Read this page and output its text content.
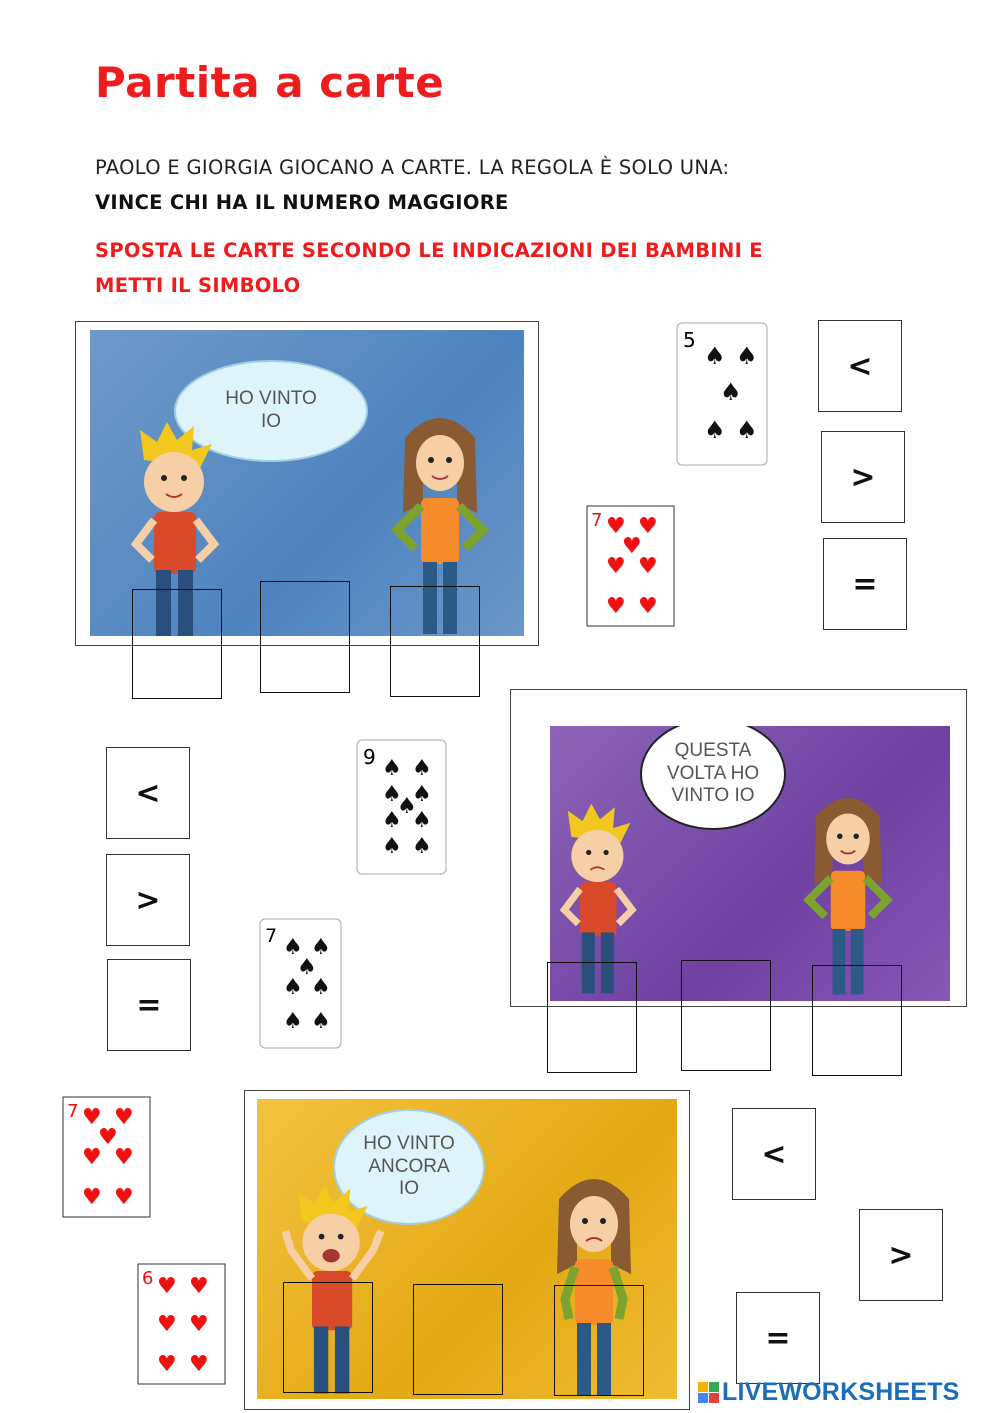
Partita a carte
PAOLO E GIORGIA GIOCANO A CARTE. LA REGOLA È SOLO UNA:
VINCE CHI HA IL NUMERO MAGGIORE
SPOSTA LE CARTE SECONDO LE INDICAZIONI DEI BAMBINI E
METTI IL SIMBOLO
HO VINTO
IO
5
♠ ♠
♠
♠ ♠
7 ♥ ♥
♥
♥ ♥
♥ ♥
<
>
=
QUESTA
VOLTA HO
VINTO IO
<
>
=
9 ♠ ♠
♠ ♠
♠
♠ ♠
♠ ♠
7 ♠ ♠
♠
♠ ♠
♠ ♠
HO VINTO
ANCORA
IO
7 ♥ ♥
♥
♥ ♥
♥ ♥
6 ♥ ♥
♥ ♥
♥ ♥
<
>
=
LIVEWORKSHEETS
